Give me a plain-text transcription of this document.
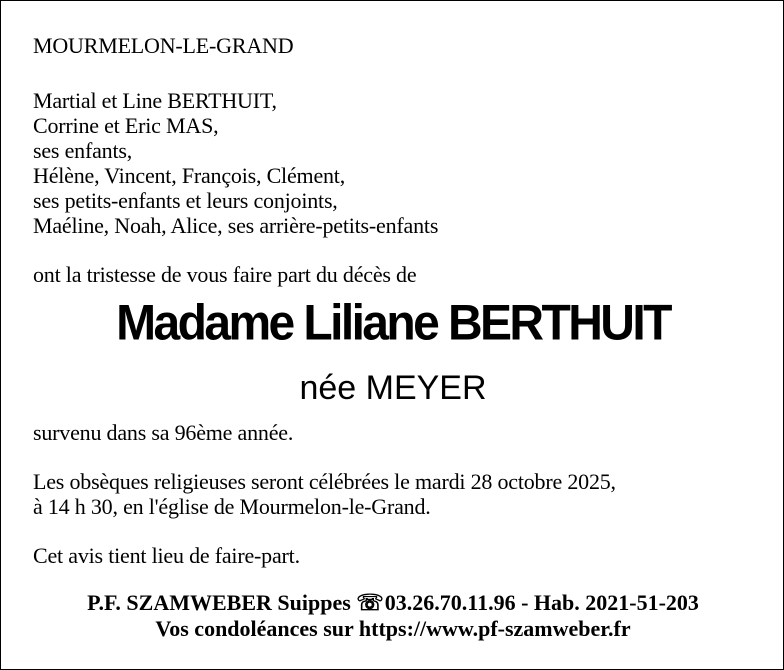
MOURMELON-LE-GRAND

Martial et Line BERTHUIT,
Corrine et Eric MAS,
ses enfants,
Hélène, Vincent, François, Clément,
ses petits-enfants et leurs conjoints,
Maéline, Noah, Alice, ses arrière-petits-enfants

ont la tristesse de vous faire part du décès de

Madame Liliane BERTHUIT
née MEYER

survenu dans sa 96ème année.

Les obsèques religieuses seront célébrées le mardi 28 octobre 2025,
à 14 h 30, en l'église de Mourmelon-le-Grand.

Cet avis tient lieu de faire-part.

P.F. SZAMWEBER Suippes ☏03.26.70.11.96 - Hab. 2021-51-203
Vos condoléances sur https://www.pf-szamweber.fr
